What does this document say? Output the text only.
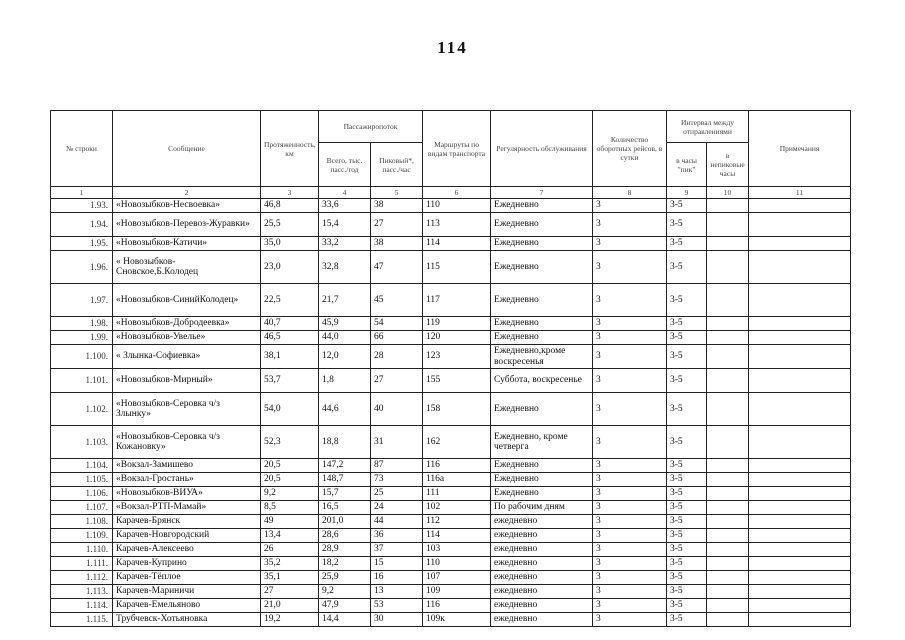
114
№ строки	Сообщение	Протяженность, км	Пассажиропоток		Маршруты по видам транспорта	Регулярность обслуживания	Количество оборотных рейсов, в сутки	Интервал между отправлениями		Примечания
			Всего, тыс. пасс./год	Пиковый*, пасс./час				в часы "пик"	в непиковые часы	
1	2	3	4	5	6	7	8	9	10	11
1.93.	«Новозыбков-Несвоевка»	46,8	33,6	38	110	Ежедневно	3	3-5		
1.94.	«Новозыбков-Перевоз-Журавки»	25,5	15,4	27	113	Ежедневно	3	3-5		
1.95.	«Новозыбков-Катичи»	35,0	33,2	38	114	Ежедневно	3	3-5		
1.96.	« Новозыбков-Сновское,Б.Колодец	23,0	32,8	47	115	Ежедневно	3	3-5		
1.97.	«Новозыбков-СинийКолодец»	22,5	21,7	45	117	Ежедневно	3	3-5		
1.98.	«Новозыбков-Добродеевка»	40,7	45,9	54	119	Ежедневно	3	3-5		
1.99.	«Новозыбков-Увелье»	46,5	44,0	66	120	Ежедневно	3	3-5		
1.100.	« Злынка-Софиевка»	38,1	12,0	28	123	Ежедневно,кроме воскресенья	3	3-5		
1.101.	«Новозыбков-Мирный»	53,7	1,8	27	155	Суббота, воскресенье	3	3-5		
1.102.	«Новозыбков-Серовка ч/з Злынку»	54,0	44,6	40	158	Ежедневно	3	3-5		
1.103.	«Новозыбков-Серовка ч/з Кожановку»	52,3	18,8	31	162	Ежедневно, кроме четверга	3	3-5		
1.104.	«Вокзал-Замишево	20,5	147,2	87	116	Ежедневно	3	3-5		
1.105.	«Вокзал-Гростань»	20,5	148,7	73	116а	Ежедневно	3	3-5		
1.106.	«Новозыбков-ВИУА»	9,2	15,7	25	111	Ежедневно	3	3-5		
1.107.	«Вокзал-РТП-Мамай»	8,5	16,5	24	102	По рабочим дням	3	3-5		
1.108.	Карачев-Брянск	49	201,0	44	112	ежедневно	3	3-5		
1.109.	Карачев-Новгородский	13,4	28,6	36	114	ежедневно	3	3-5		
1.110.	Карачев-Алексеево	26	28,9	37	103	ежедневно	3	3-5		
1.111.	Карачев-Куприно	35,2	18,2	15	110	ежедневно	3	3-5		
1.112.	Карачев-Тёплое	35,1	25,9	16	107	ежедневно	3	3-5		
1.113.	Карачев-Мариничи	27	9,2	13	109	ежедневно	3	3-5		
1.114.	Карачев-Емельяново	21,0	47,9	53	116	ежедневно	3	3-5		
1.115.	Трубчевск-Хотьяновка	19,2	14,4	30	109к	ежедневно	3	3-5		
